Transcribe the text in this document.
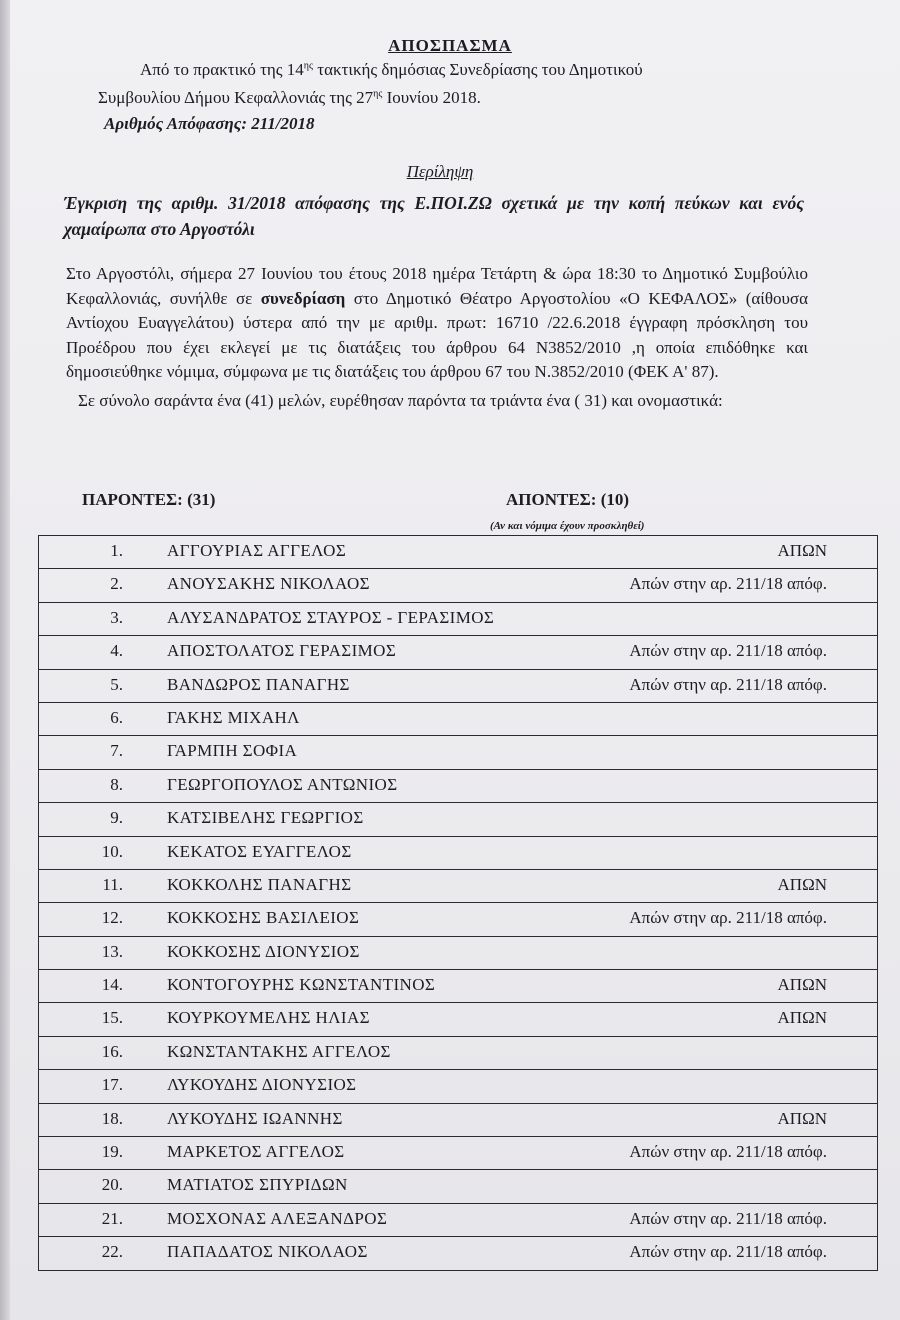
ΑΠΟΣΠΑΣΜΑ
Από το πρακτικό της $14^{\eta\varsigma}$ τακτικής δημόσιας Συνεδρίασης του Δημοτικού
Συμβουλίου Δήμου Κεφαλλονιάς της $27^{\eta\varsigma}$ Ιουνίου 2018.
Αριθμός Απόφασης: 211/2018
Περίληψη
Έγκριση της αριθμ. 31/2018 απόφασης της Ε.ΠΟΙ.ΖΩ σχετικά με την κοπή πεύκων και ενός χαμαίρωπα στο Αργοστόλι
Στο Αργοστόλι, σήμερα 27 Ιουνίου του έτους 2018 ημέρα Τετάρτη & ώρα 18:30 το Δημοτικό Συμβούλιο Κεφαλλονιάς, συνήλθε σε συνεδρίαση στο Δημοτικό Θέατρο Αργοστολίου «Ο ΚΕΦΑΛΟΣ» (αίθουσα Αντίοχου Ευαγγελάτου) ύστερα από την με αριθμ. πρωτ: 16710 /22.6.2018 έγγραφη πρόσκληση του Προέδρου που έχει εκλεγεί με τις διατάξεις του άρθρου 64 Ν3852/2010 ,η οποία επιδόθηκε και δημοσιεύθηκε νόμιμα, σύμφωνα με τις διατάξεις του άρθρου 67 του Ν.3852/2010 (ΦΕΚ Α' 87).
Σε σύνολο σαράντα ένα (41) μελών, ευρέθησαν παρόντα τα τριάντα ένα ( 31) και ονομαστικά:
ΠΑΡΟΝΤΕΣ: (31)	ΑΠΟΝΤΕΣ: (10)
(Αν και νόμιμα έχουν προσκληθεί)
1.	ΑΓΓΟΥΡΙΑΣ ΑΓΓΕΛΟΣ	ΑΠΩΝ
2.	ΑΝΟΥΣΑΚΗΣ ΝΙΚΟΛΑΟΣ	Απών στην αρ. 211/18 απόφ.
3.	ΑΛΥΣΑΝΔΡΑΤΟΣ ΣΤΑΥΡΟΣ - ΓΕΡΑΣΙΜΟΣ
4.	ΑΠΟΣΤΟΛΑΤΟΣ ΓΕΡΑΣΙΜΟΣ	Απών στην αρ. 211/18 απόφ.
5.	ΒΑΝΔΩΡΟΣ ΠΑΝΑΓΗΣ	Απών στην αρ. 211/18 απόφ.
6.	ΓΑΚΗΣ ΜΙΧΑΗΛ
7.	ΓΑΡΜΠΗ ΣΟΦΙΑ
8.	ΓΕΩΡΓΟΠΟΥΛΟΣ ΑΝΤΩΝΙΟΣ
9.	ΚΑΤΣΙΒΕΛΗΣ ΓΕΩΡΓΙΟΣ
10.	ΚΕΚΑΤΟΣ ΕΥΑΓΓΕΛΟΣ
11.	ΚΟΚΚΟΛΗΣ ΠΑΝΑΓΗΣ	ΑΠΩΝ
12.	ΚΟΚΚΟΣΗΣ ΒΑΣΙΛΕΙΟΣ	Απών στην αρ. 211/18 απόφ.
13.	ΚΟΚΚΟΣΗΣ ΔΙΟΝΥΣΙΟΣ
14.	ΚΟΝΤΟΓΟΥΡΗΣ ΚΩΝΣΤΑΝΤΙΝΟΣ	ΑΠΩΝ
15.	ΚΟΥΡΚΟΥΜΕΛΗΣ ΗΛΙΑΣ	ΑΠΩΝ
16.	ΚΩΝΣΤΑΝΤΑΚΗΣ ΑΓΓΕΛΟΣ
17.	ΛΥΚΟΥΔΗΣ ΔΙΟΝΥΣΙΟΣ
18.	ΛΥΚΟΥΔΗΣ ΙΩΑΝΝΗΣ	ΑΠΩΝ
19.	ΜΑΡΚΕΤΟΣ ΑΓΓΕΛΟΣ	Απών στην αρ. 211/18 απόφ.
20.	ΜΑΤΙΑΤΟΣ ΣΠΥΡΙΔΩΝ
21.	ΜΟΣΧΟΝΑΣ ΑΛΕΞΑΝΔΡΟΣ	Απών στην αρ. 211/18 απόφ.
22.	ΠΑΠΑΔΑΤΟΣ ΝΙΚΟΛΑΟΣ	Απών στην αρ. 211/18 απόφ.
